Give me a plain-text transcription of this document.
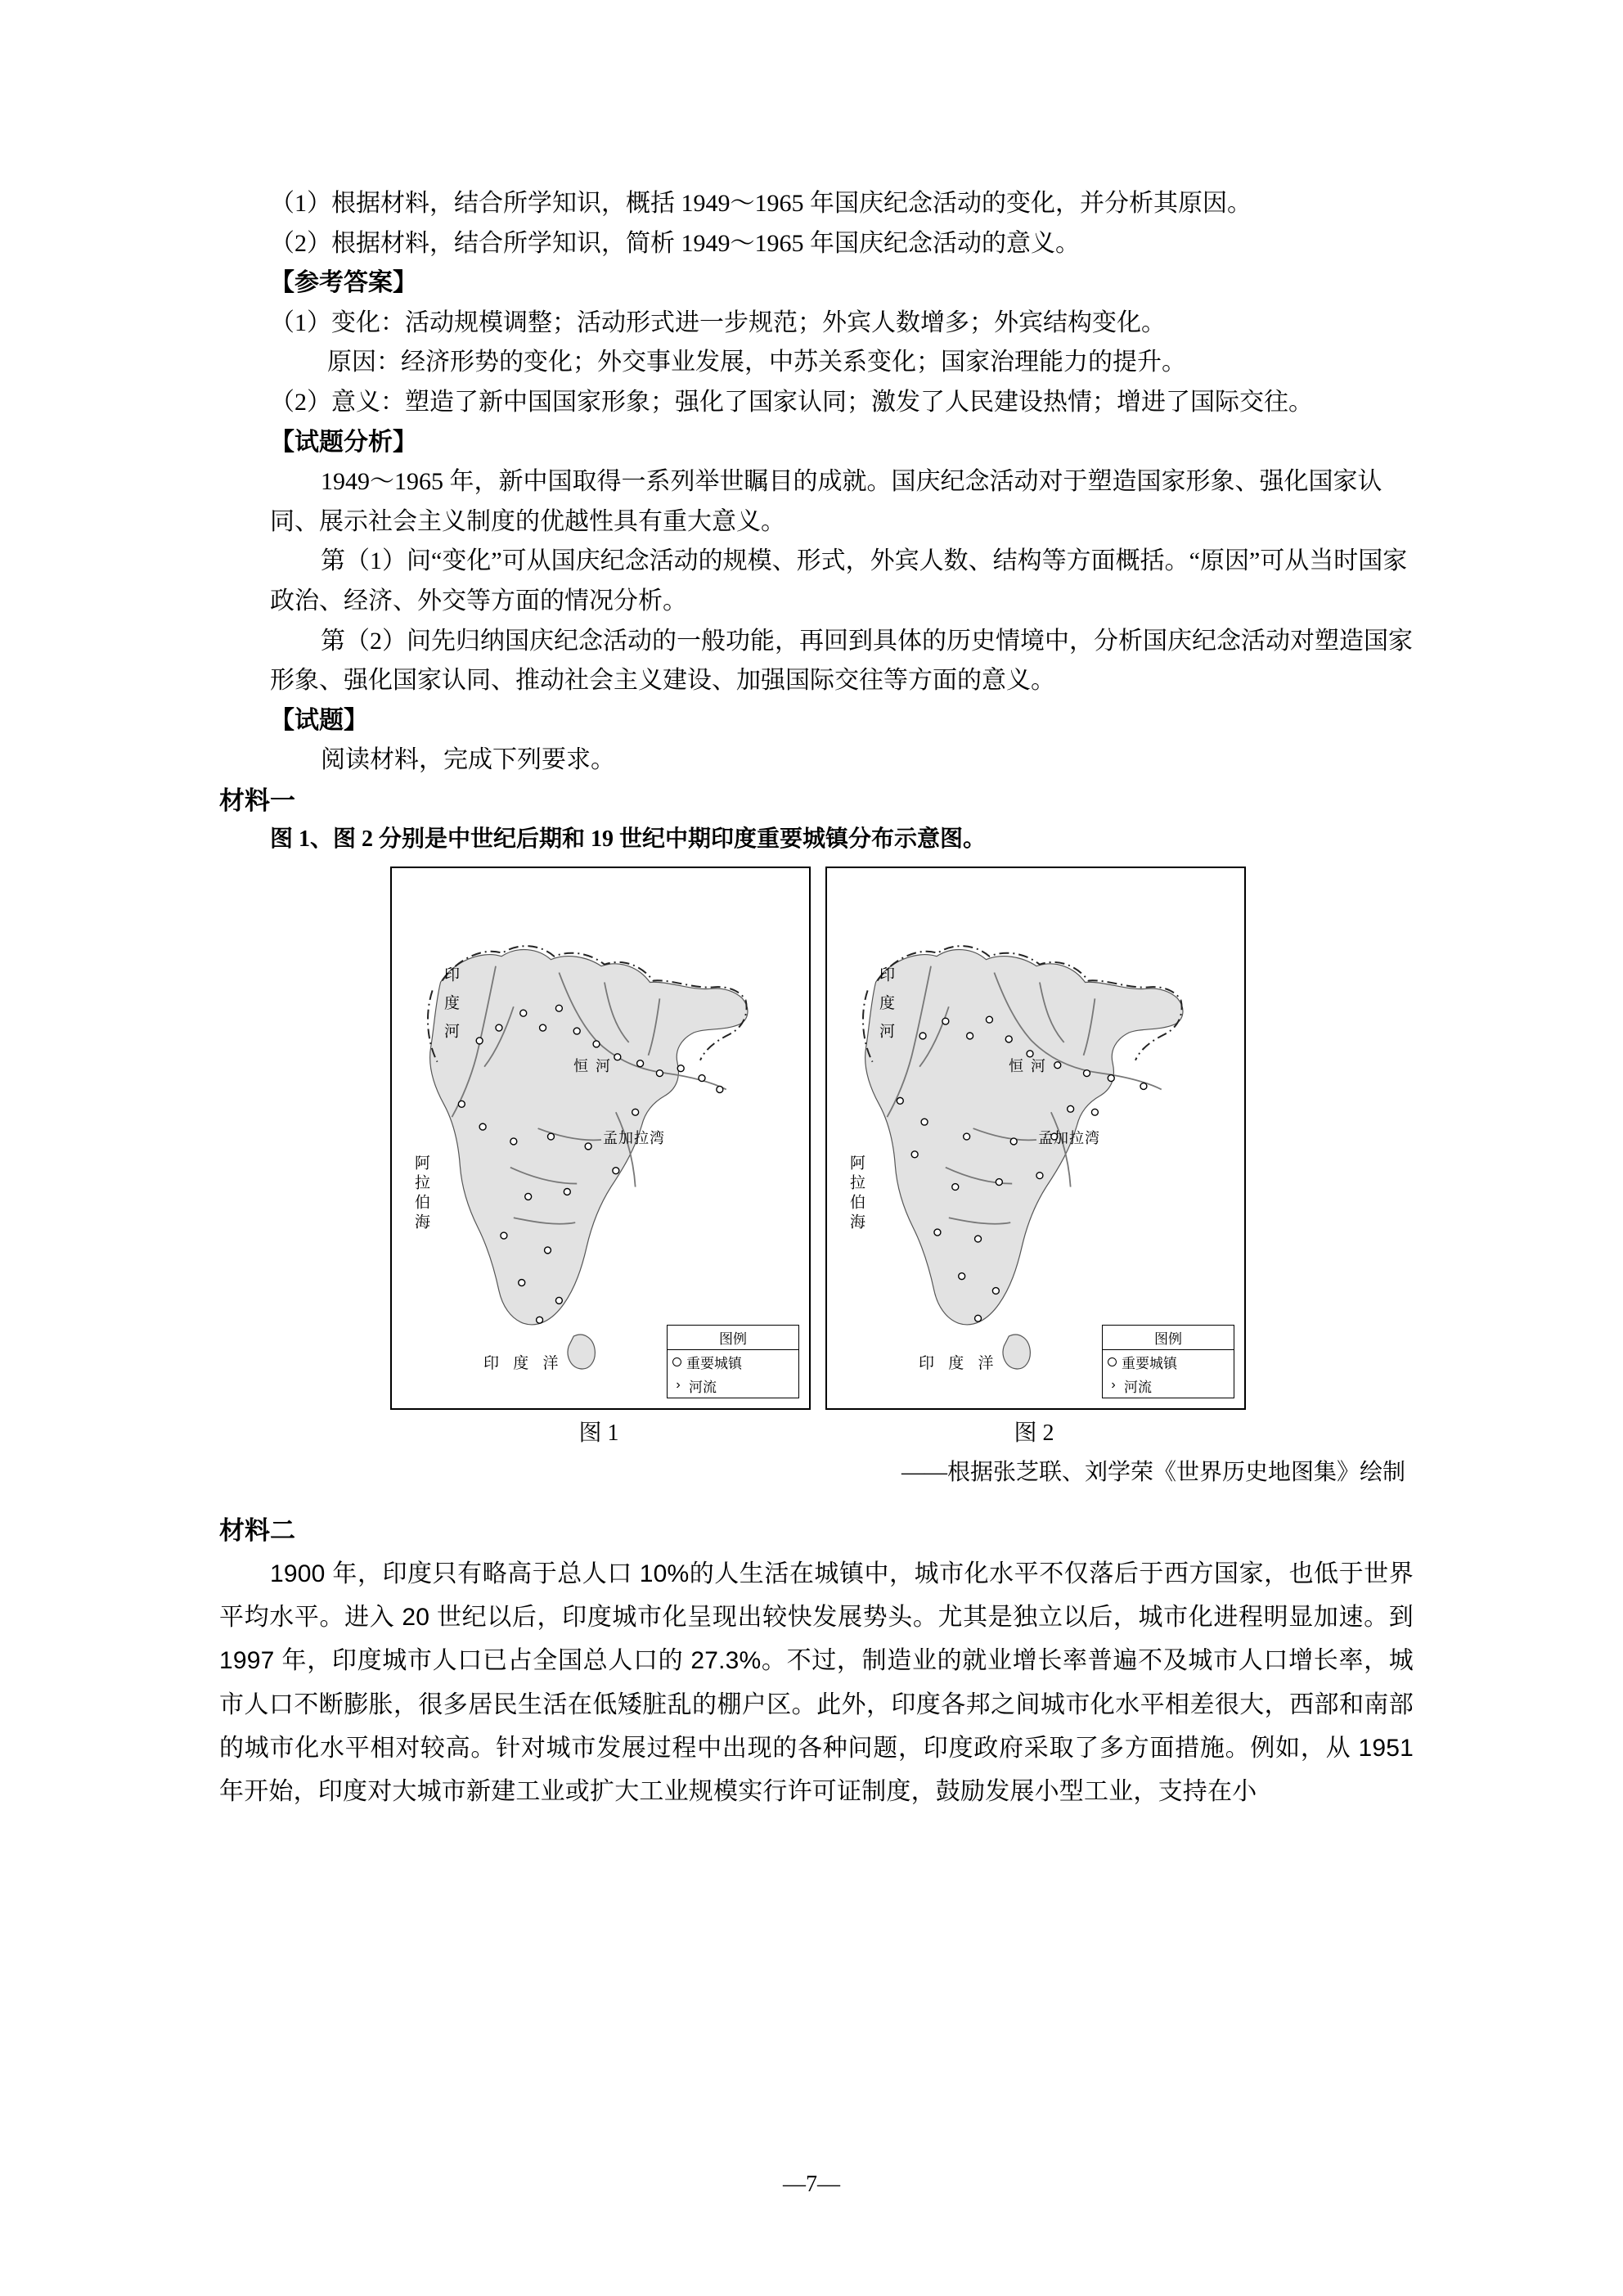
（1）根据材料，结合所学知识，概括 1949～1965 年国庆纪念活动的变化，并分析其原因。

（2）根据材料，结合所学知识，简析 1949～1965 年国庆纪念活动的意义。

【参考答案】

（1）变化：活动规模调整；活动形式进一步规范；外宾人数增多；外宾结构变化。

原因：经济形势的变化；外交事业发展，中苏关系变化；国家治理能力的提升。

（2）意义：塑造了新中国国家形象；强化了国家认同；激发了人民建设热情；增进了国际交往。

【试题分析】

1949～1965 年，新中国取得一系列举世瞩目的成就。国庆纪念活动对于塑造国家形象、强化国家认同、展示社会主义制度的优越性具有重大意义。

第（1）问“变化”可从国庆纪念活动的规模、形式，外宾人数、结构等方面概括。“原因”可从当时国家政治、经济、外交等方面的情况分析。

第（2）问先归纳国庆纪念活动的一般功能，再回到具体的历史情境中，分析国庆纪念活动对塑造国家形象、强化国家认同、推动社会主义建设、加强国际交往等方面的意义。

【试题】

阅读材料，完成下列要求。

材料一

图 1、图 2 分别是中世纪后期和 19 世纪中期印度重要城镇分布示意图。

印 度 河
恒 河
孟加拉湾
阿拉伯海
印 度 洋
图例
重要城镇
› 河流
图 1
印 度 河
恒 河
孟加拉湾
阿拉伯海
印 度 洋
图例
重要城镇
› 河流
图 2

——根据张芝联、刘学荣《世界历史地图集》绘制

材料二

1900 年，印度只有略高于总人口 10%的人生活在城镇中，城市化水平不仅落后于西方国家，也低于世界平均水平。进入 20 世纪以后，印度城市化呈现出较快发展势头。尤其是独立以后，城市化进程明显加速。到 1997 年，印度城市人口已占全国总人口的 27.3%。不过，制造业的就业增长率普遍不及城市人口增长率，城市人口不断膨胀，很多居民生活在低矮脏乱的棚户区。此外，印度各邦之间城市化水平相差很大，西部和南部的城市化水平相对较高。针对城市发展过程中出现的各种问题，印度政府采取了多方面措施。例如，从 1951 年开始，印度对大城市新建工业或扩大工业规模实行许可证制度，鼓励发展小型工业，支持在小

—7—
